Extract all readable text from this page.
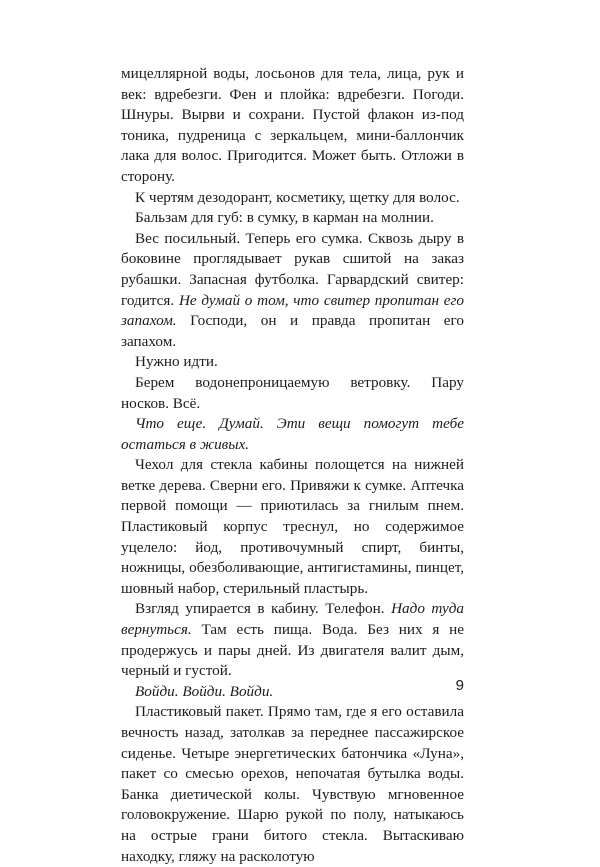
мицеллярной воды, лосьонов для тела, лица, рук и век: вдребезги. Фен и плойка: вдребезги. Погоди. Шнуры. Вырви и сохрани. Пустой флакон из-под тоника, пудреница с зеркальцем, мини-баллончик лака для волос. Пригодится. Может быть. Отложи в сторону.

К чертям дезодорант, косметику, щетку для волос.

Бальзам для губ: в сумку, в карман на молнии.

Вес посильный. Теперь его сумка. Сквозь дыру в боковине проглядывает рукав сшитой на заказ рубашки. Запасная футболка. Гарвардский свитер: годится. Не думай о том, что свитер пропитан его запахом. Господи, он и правда пропитан его запахом.

Нужно идти.

Берем водонепроницаемую ветровку. Пару носков. Всё.

Что еще. Думай. Эти вещи помогут тебе остаться в живых.

Чехол для стекла кабины полощется на нижней ветке дерева. Сверни его. Привяжи к сумке. Аптечка первой помощи — приютилась за гнилым пнем. Пластиковый корпус треснул, но содержимое уцелело: йод, противочумный спирт, бинты, ножницы, обезболивающие, антигистамины, пинцет, шовный набор, стерильный пластырь.

Взгляд упирается в кабину. Телефон. Надо туда вернуться. Там есть пища. Вода. Без них я не продержусь и пары дней. Из двигателя валит дым, черный и густой.

Войди. Войди. Войди.

Пластиковый пакет. Прямо там, где я его оставила вечность назад, затолкав за переднее пассажирское сиденье. Четыре энергетических батончика «Луна», пакет со смесью орехов, непочатая бутылка воды. Банка диетической колы. Чувствую мгновенное головокружение. Шарю рукой по полу, натыкаюсь на острые грани битого стекла. Вытаскиваю находку, гляжу на расколотую

9
